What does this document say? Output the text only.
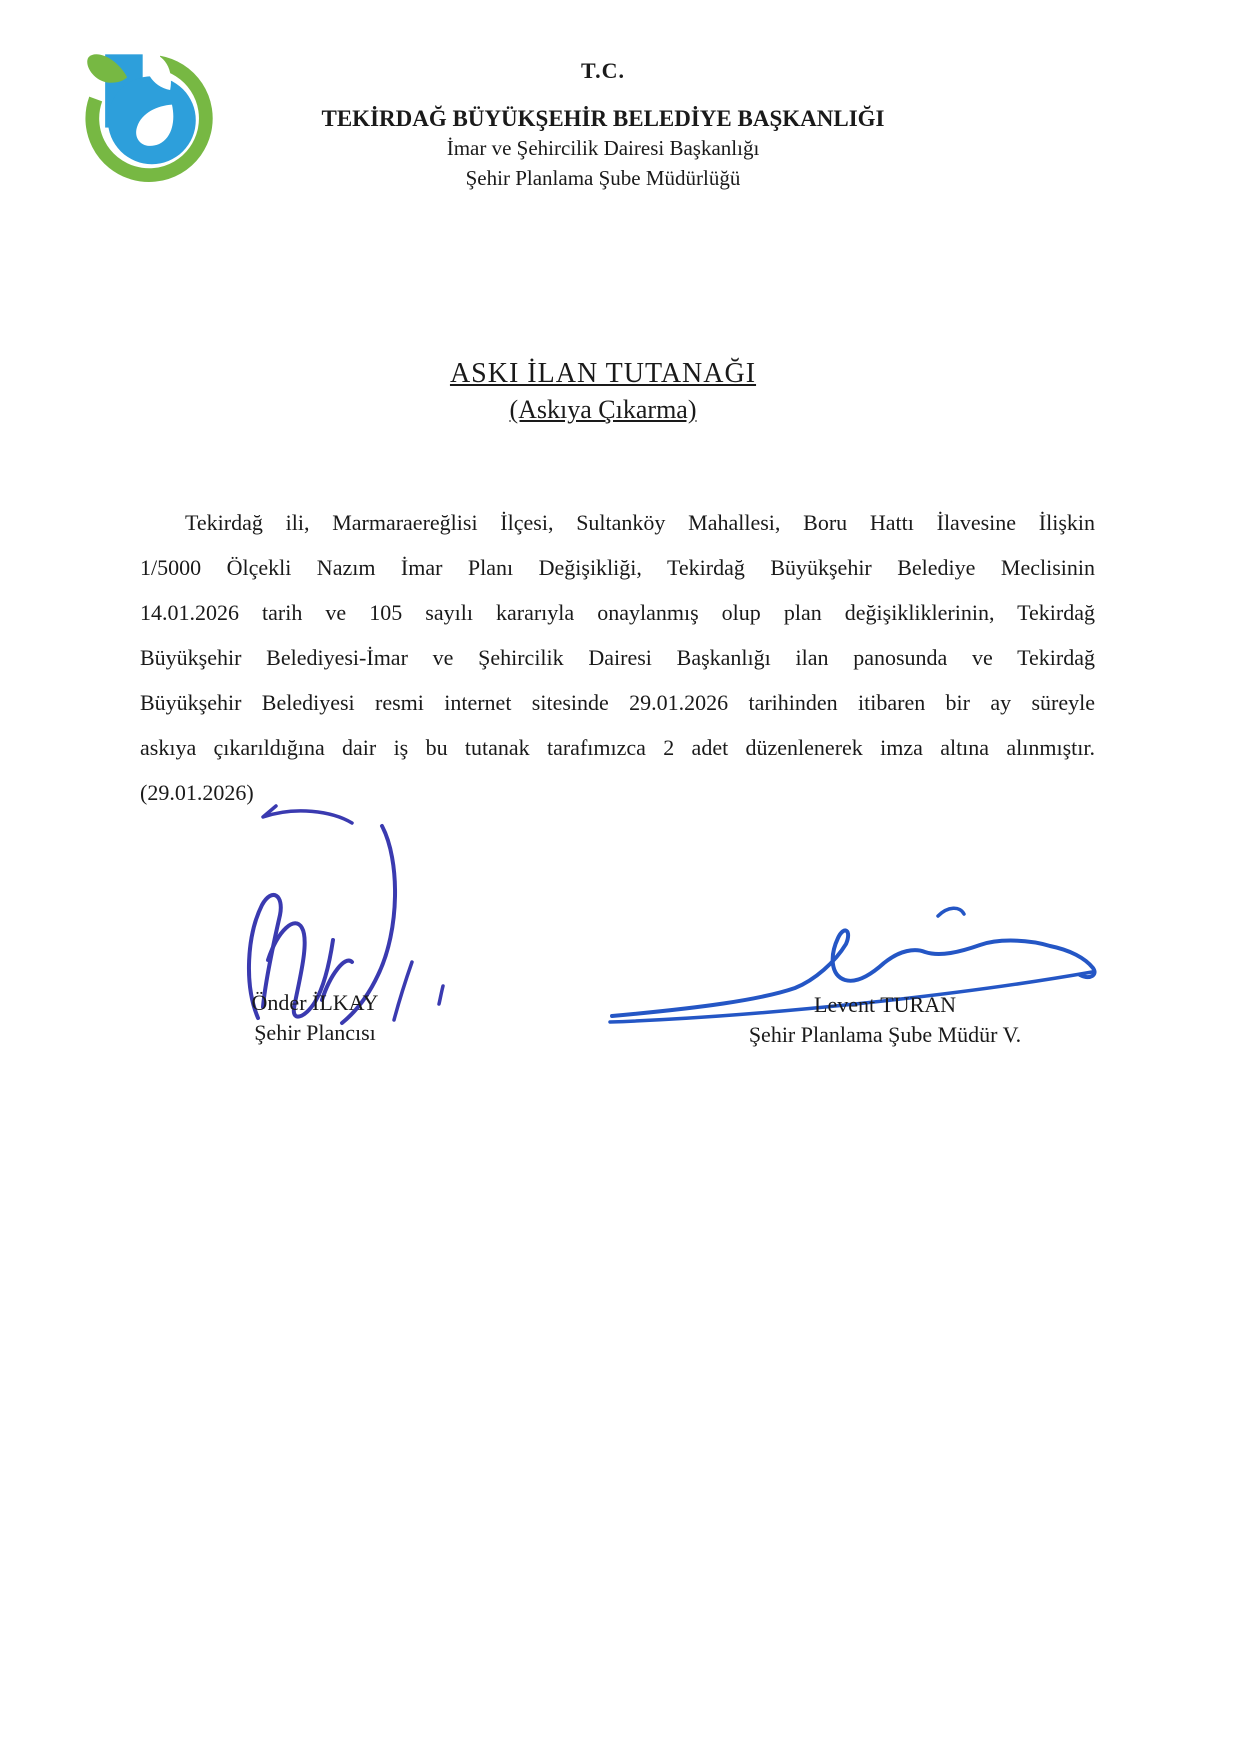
T.C.
TEKİRDAĞ BÜYÜKŞEHİR BELEDİYE BAŞKANLIĞI
İmar ve Şehircilik Dairesi Başkanlığı
Şehir Planlama Şube Müdürlüğü
ASKI İLAN TUTANAĞI
(Askıya Çıkarma)
Tekirdağ ili, Marmaraereğlisi İlçesi, Sultanköy Mahallesi, Boru Hattı İlavesine İlişkin
1/5000 Ölçekli Nazım İmar Planı Değişikliği, Tekirdağ Büyükşehir Belediye Meclisinin
14.01.2026 tarih ve 105 sayılı kararıyla onaylanmış olup plan değişikliklerinin, Tekirdağ
Büyükşehir Belediyesi-İmar ve Şehircilik Dairesi Başkanlığı ilan panosunda ve Tekirdağ
Büyükşehir Belediyesi resmi internet sitesinde 29.01.2026 tarihinden itibaren bir ay süreyle
askıya çıkarıldığına dair iş bu tutanak tarafımızca 2 adet düzenlenerek imza altına alınmıştır.
(29.01.2026)
Önder İLKAY
Şehir Plancısı
Levent TURAN
Şehir Planlama Şube Müdür V.
